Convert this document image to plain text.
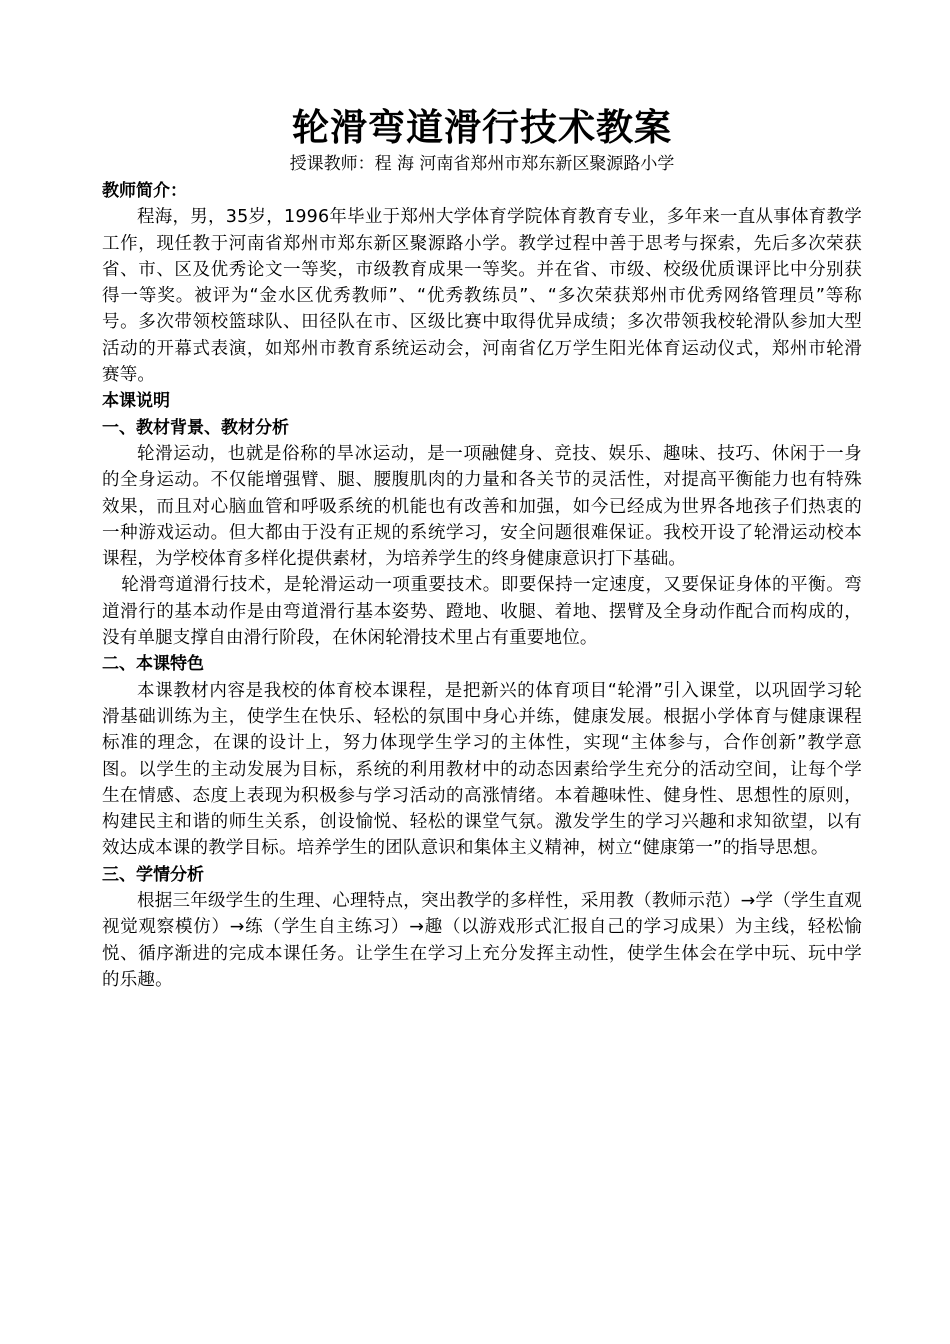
轮滑弯道滑行技术教案

授课教师：程 海 河南省郑州市郑东新区聚源路小学

教师简介：

程海，男，35岁，1996年毕业于郑州大学体育学院体育教育专业，多年来一直从事体育教学工作，现任教于河南省郑州市郑东新区聚源路小学。教学过程中善于思考与探索，先后多次荣获省、市、区及优秀论文一等奖，市级教育成果一等奖。并在省、市级、校级优质课评比中分别获得一等奖。被评为“金水区优秀教师”、“优秀教练员”、“多次荣获郑州市优秀网络管理员”等称号。多次带领校篮球队、田径队在市、区级比赛中取得优异成绩；多次带领我校轮滑队参加大型活动的开幕式表演，如郑州市教育系统运动会，河南省亿万学生阳光体育运动仪式，郑州市轮滑赛等。

本课说明

一、教材背景、教材分析

轮滑运动，也就是俗称的旱冰运动，是一项融健身、竞技、娱乐、趣味、技巧、休闲于一身的全身运动。不仅能增强臂、腿、腰腹肌肉的力量和各关节的灵活性，对提高平衡能力也有特殊效果，而且对心脑血管和呼吸系统的机能也有改善和加强，如今已经成为世界各地孩子们热衷的一种游戏运动。但大都由于没有正规的系统学习，安全问题很难保证。我校开设了轮滑运动校本课程，为学校体育多样化提供素材，为培养学生的终身健康意识打下基础。

轮滑弯道滑行技术，是轮滑运动一项重要技术。即要保持一定速度，又要保证身体的平衡。弯道滑行的基本动作是由弯道滑行基本姿势、蹬地、收腿、着地、摆臂及全身动作配合而构成的，没有单腿支撑自由滑行阶段，在休闲轮滑技术里占有重要地位。

二、本课特色

本课教材内容是我校的体育校本课程，是把新兴的体育项目“轮滑”引入课堂，以巩固学习轮滑基础训练为主，使学生在快乐、轻松的氛围中身心并练，健康发展。根据小学体育与健康课程标准的理念，在课的设计上，努力体现学生学习的主体性，实现“主体参与，合作创新”教学意图。以学生的主动发展为目标，系统的利用教材中的动态因素给学生充分的活动空间，让每个学生在情感、态度上表现为积极参与学习活动的高涨情绪。本着趣味性、健身性、思想性的原则，构建民主和谐的师生关系，创设愉悦、轻松的课堂气氛。激发学生的学习兴趣和求知欲望，以有效达成本课的教学目标。培养学生的团队意识和集体主义精神，树立“健康第一”的指导思想。

三、学情分析

根据三年级学生的生理、心理特点，突出教学的多样性，采用教（教师示范）→学（学生直观视觉观察模仿）→练（学生自主练习）→趣（以游戏形式汇报自己的学习成果）为主线，轻松愉悦、循序渐进的完成本课任务。让学生在学习上充分发挥主动性，使学生体会在学中玩、玩中学的乐趣。
